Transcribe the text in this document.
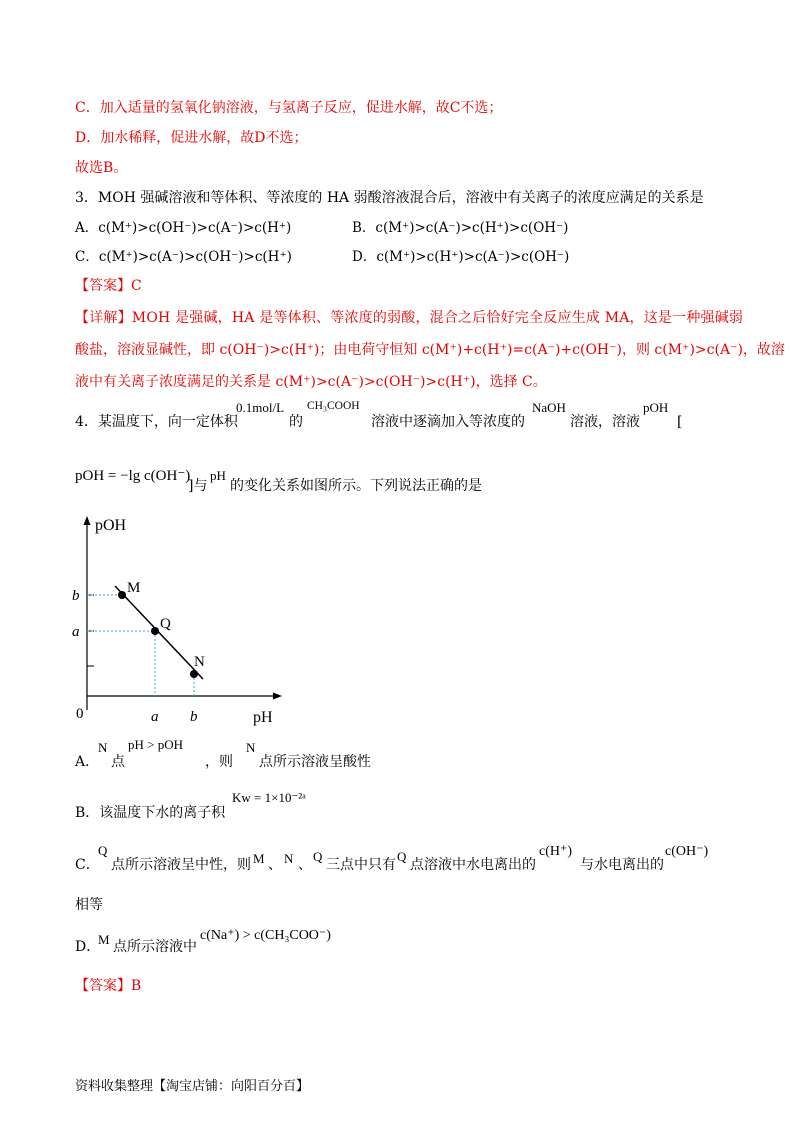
C．加入适量的氢氧化钠溶液，与氢离子反应，促进水解，故C不选；
D．加水稀释，促进水解，故D不选；
故选B。
3．MOH 强碱溶液和等体积、等浓度的 HA 弱酸溶液混合后，溶液中有关离子的浓度应满足的关系是
A．c(M⁺)>c(OH⁻)>c(A⁻)>c(H⁺)	B．c(M⁺)>c(A⁻)>c(H⁺)>c(OH⁻)
C．c(M⁺)>c(A⁻)>c(OH⁻)>c(H⁺)	D．c(M⁺)>c(H⁺)>c(A⁻)>c(OH⁻)
【答案】C
【详解】MOH 是强碱，HA 是等体积、等浓度的弱酸，混合之后恰好完全反应生成 MA，这是一种强碱弱
酸盐，溶液显碱性，即 c(OH⁻)>c(H⁺)；由电荷守恒知 c(M⁺)+c(H⁺)=c(A⁻)+c(OH⁻)，则 c(M⁺)>c(A⁻)，故溶
液中有关离子浓度满足的关系是 c(M⁺)>c(A⁻)>c(OH⁻)>c(H⁺)，选择 C。
4．某温度下，向一定体积
0.1mol/L
的
CH₃COOH
溶液中逐滴加入等浓度的
NaOH
溶液，溶液
pOH
[
pOH = −lg c(OH⁻)
]与
pH
的变化关系如图所示。下列说法正确的是
pOH
pH
0
b
a
a b
M
Q
N
A．
N
点
pH > pOH
，则
N
点所示溶液呈酸性
B．该温度下水的离子积
Kw = 1×10⁻²ᵃ
C．
Q
点所示溶液呈中性，则 M 、 N 、
Q
三点中只有
Q
点溶液中水电离出的
c(H⁺)
与水电离出的
c(OH⁻)
相等
D．
M 点所示溶液中
c(Na⁺) > c(CH₃COO⁻)
【答案】B
资料收集整理【淘宝店铺：向阳百分百】
